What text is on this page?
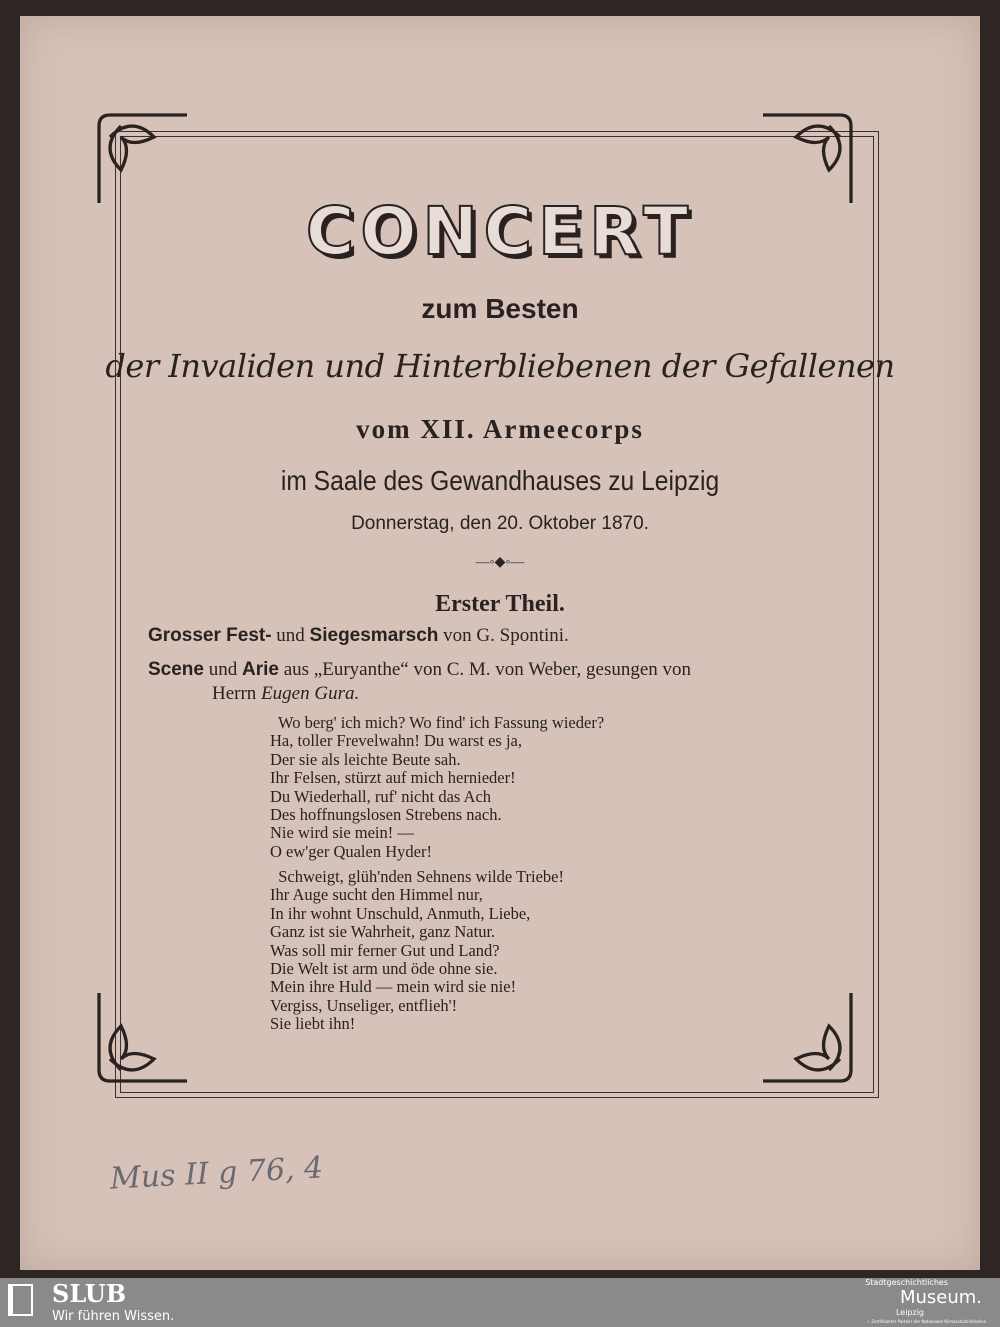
CONCERT
zum Besten
der Invaliden und Hinterbliebenen der Gefallenen
vom XII. Armeecorps
im Saale des Gewandhauses zu Leipzig
Donnerstag, den 20. Oktober 1870.
—◦◆◦—
Erster Theil.
Grosser Fest- und Siegesmarsch von G. Spontini.
Scene und Arie aus „Euryanthe“ von C. M. von Weber, gesungen von
Herrn Eugen Gura.
Wo berg' ich mich? Wo find' ich Fassung wieder?
Ha, toller Frevelwahn! Du warst es ja,
Der sie als leichte Beute sah.
Ihr Felsen, stürzt auf mich hernieder!
Du Wiederhall, ruf' nicht das Ach
Des hoffnungslosen Strebens nach.
Nie wird sie mein! —
O ew'ger Qualen Hyder!
Schweigt, glüh'nden Sehnens wilde Triebe!
Ihr Auge sucht den Himmel nur,
In ihr wohnt Unschuld, Anmuth, Liebe,
Ganz ist sie Wahrheit, ganz Natur.
Was soll mir ferner Gut und Land?
Die Welt ist arm und öde ohne sie.
Mein ihre Huld — mein wird sie nie!
Vergiss, Unseliger, entflieh'!
Sie liebt ihn!
Mus II g 76, 4
SLUB
Wir führen Wissen.
Stadtgeschichtliches
Museum.
Leipzig
✓ Zertifizierter Partner der Nationalen Klimaschutzinitiative
